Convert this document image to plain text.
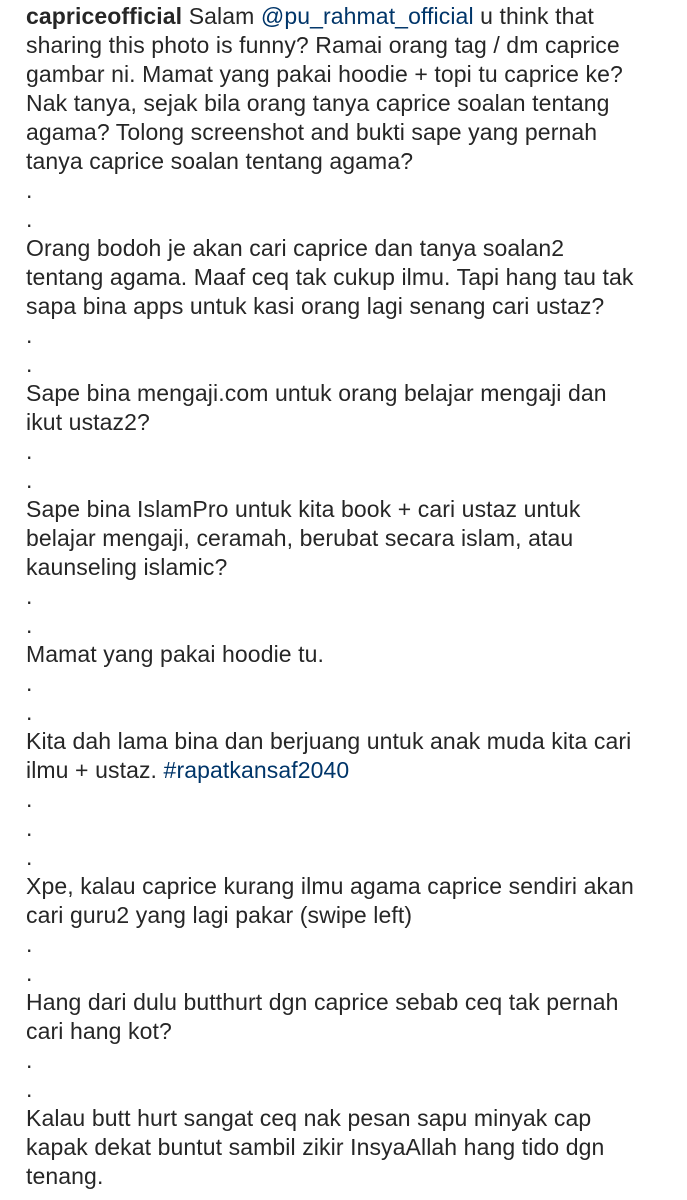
capriceofficial Salam @pu_rahmat_official u think that
sharing this photo is funny? Ramai orang tag / dm caprice
gambar ni. Mamat yang pakai hoodie + topi tu caprice ke?
Nak tanya, sejak bila orang tanya caprice soalan tentang
agama? Tolong screenshot and bukti sape yang pernah
tanya caprice soalan tentang agama?
.
.
Orang bodoh je akan cari caprice dan tanya soalan2
tentang agama. Maaf ceq tak cukup ilmu. Tapi hang tau tak
sapa bina apps untuk kasi orang lagi senang cari ustaz?
.
.
Sape bina mengaji.com untuk orang belajar mengaji dan
ikut ustaz2?
.
.
Sape bina IslamPro untuk kita book + cari ustaz untuk
belajar mengaji, ceramah, berubat secara islam, atau
kaunseling islamic?
.
.
Mamat yang pakai hoodie tu.
.
.
Kita dah lama bina dan berjuang untuk anak muda kita cari
ilmu + ustaz. #rapatkansaf2040
.
.
.
Xpe, kalau caprice kurang ilmu agama caprice sendiri akan
cari guru2 yang lagi pakar (swipe left)
.
.
Hang dari dulu butthurt dgn caprice sebab ceq tak pernah
cari hang kot?
.
.
Kalau butt hurt sangat ceq nak pesan sapu minyak cap
kapak dekat buntut sambil zikir InsyaAllah hang tido dgn
tenang.
